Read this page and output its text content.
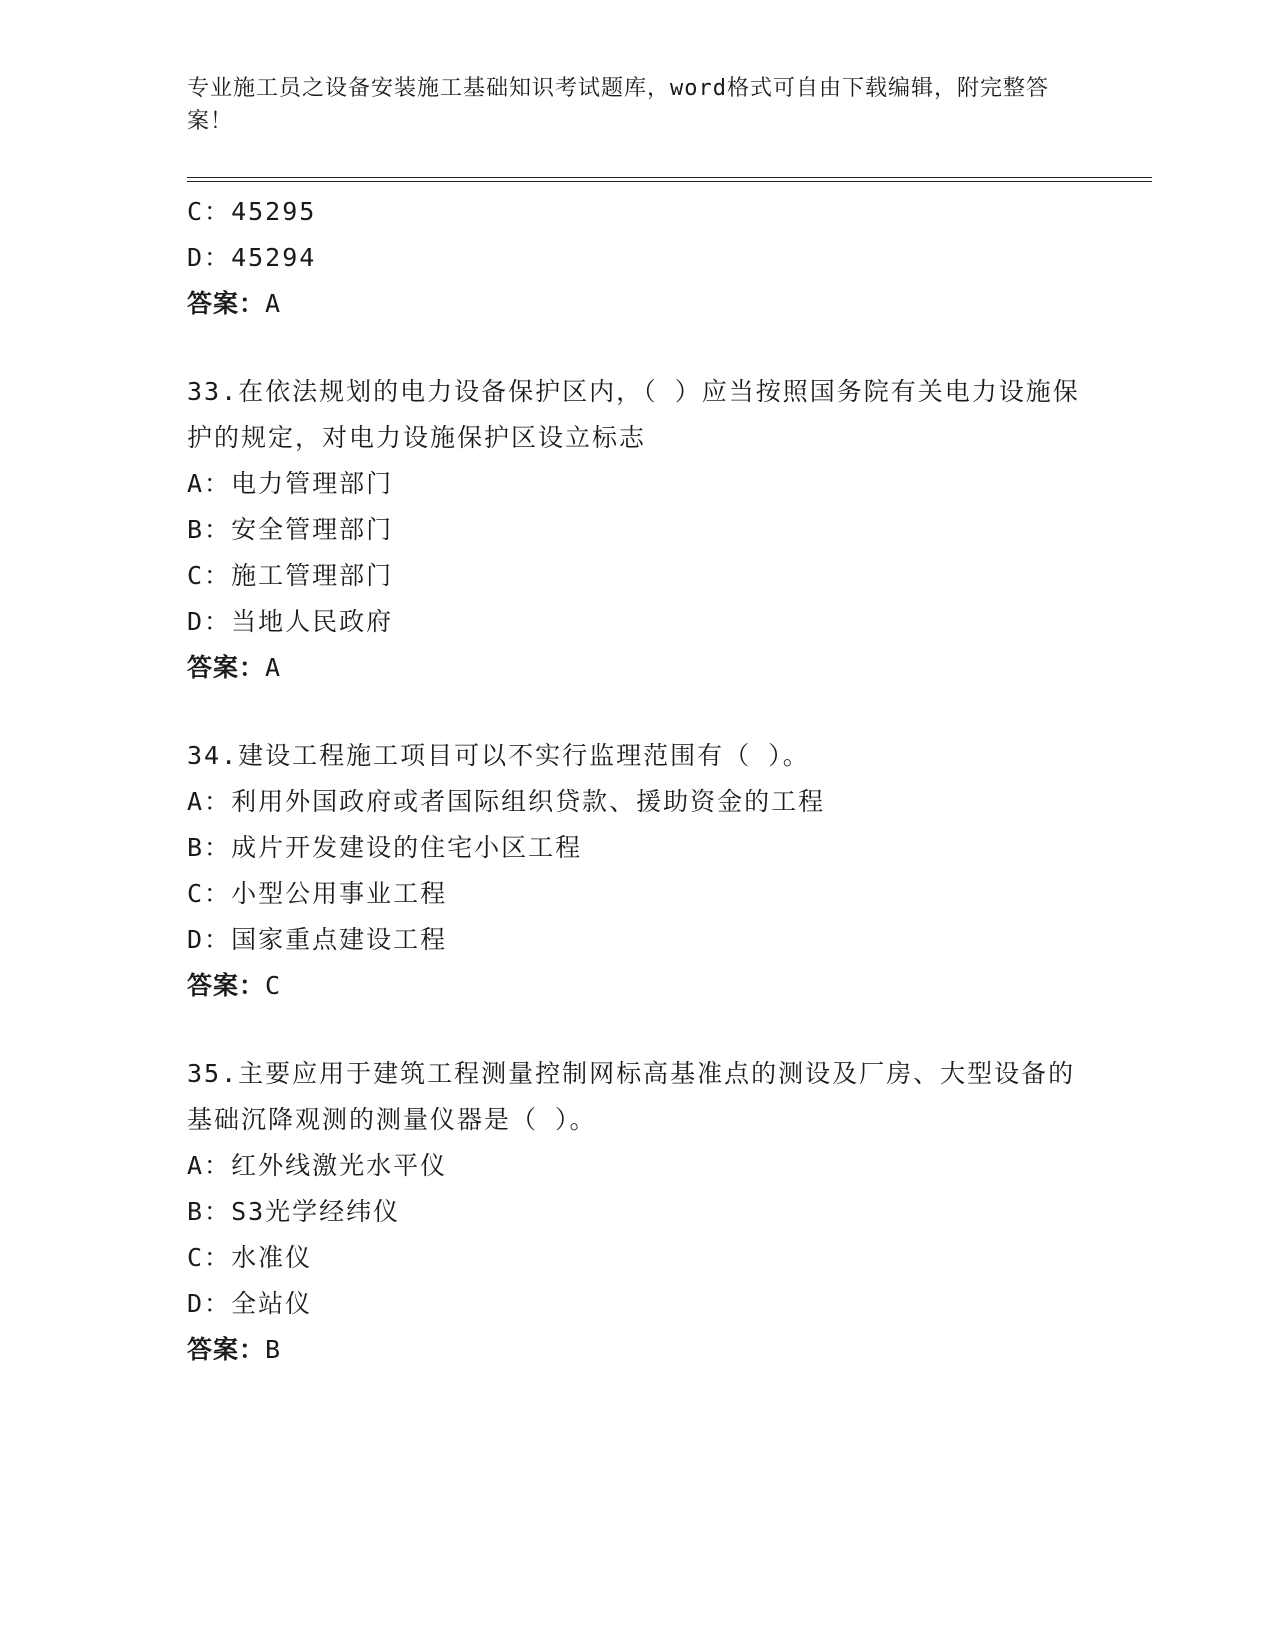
专业施工员之设备安装施工基础知识考试题库，word格式可自由下载编辑，附完整答案！
C：45295
D：45294
答案：A
33.在依法规划的电力设备保护区内，（ ）应当按照国务院有关电力设施保护的规定，对电力设施保护区设立标志
A：电力管理部门
B：安全管理部门
C：施工管理部门
D：当地人民政府
答案：A
34.建设工程施工项目可以不实行监理范围有（ ）。
A：利用外国政府或者国际组织贷款、援助资金的工程
B：成片开发建设的住宅小区工程
C：小型公用事业工程
D：国家重点建设工程
答案：C
35.主要应用于建筑工程测量控制网标高基准点的测设及厂房、大型设备的基础沉降观测的测量仪器是（ ）。
A：红外线激光水平仪
B：S3光学经纬仪
C：水准仪
D：全站仪
答案：B
